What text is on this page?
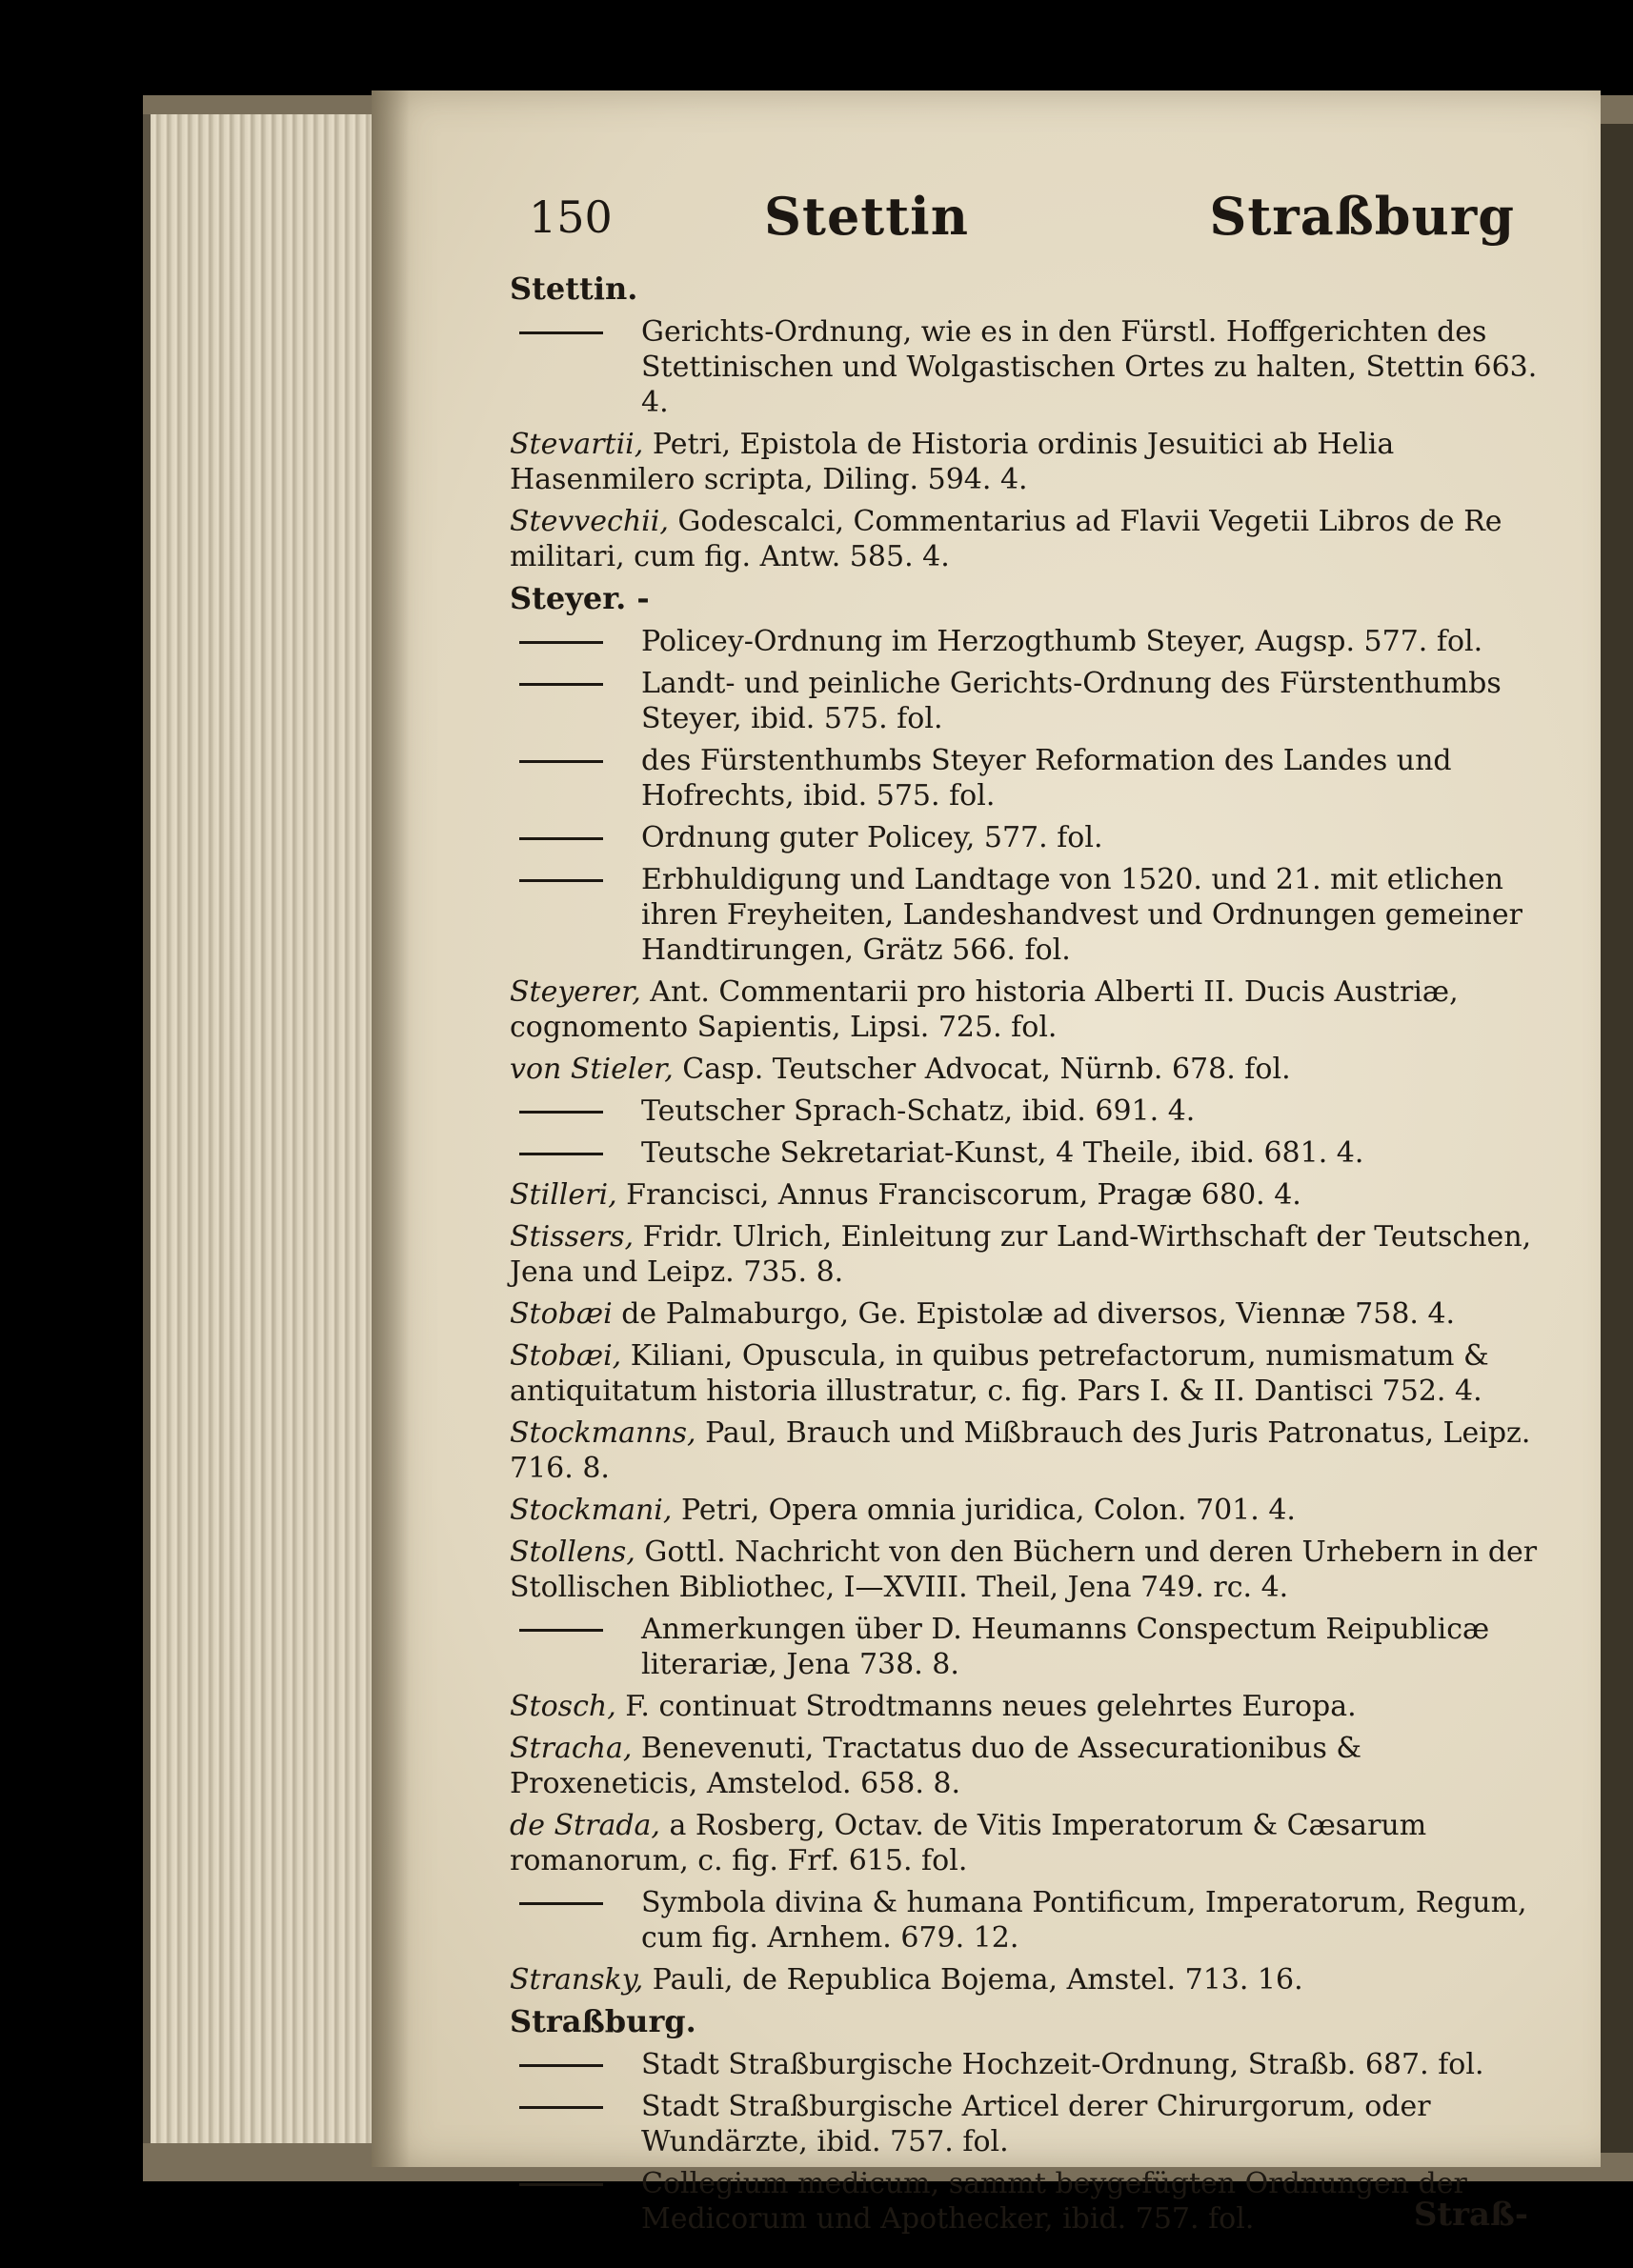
150	Stettin	Straßburg
Stettin.
Gerichts-Ordnung, wie es in den Fürstl. Hoffgerichten des Stettinischen und Wolgastischen Ortes zu halten, Stettin 663. 4.
Stevartii, Petri, Epistola de Historia ordinis Jesuitici ab Helia Hasenmilero scripta, Diling. 594. 4.
Stevvechii, Godescalci, Commentarius ad Flavii Vegetii Libros de Re militari, cum fig. Antw. 585. 4.
Steyer. -
Policey-Ordnung im Herzogthumb Steyer, Augsp. 577. fol.
Landt- und peinliche Gerichts-Ordnung des Fürstenthumbs Steyer, ibid. 575. fol.
des Fürstenthumbs Steyer Reformation des Landes und Hofrechts, ibid. 575. fol.
Ordnung guter Policey, 577. fol.
Erbhuldigung und Landtage von 1520. und 21. mit etlichen ihren Freyheiten, Landeshandvest und Ordnungen gemeiner Handtirungen, Grätz 566. fol.
Steyerer, Ant. Commentarii pro historia Alberti II. Ducis Austriæ, cognomento Sapientis, Lipsi. 725. fol.
von Stieler, Casp. Teutscher Advocat, Nürnb. 678. fol.
Teutscher Sprach-Schatz, ibid. 691. 4.
Teutsche Sekretariat-Kunst, 4 Theile, ibid. 681. 4.
Stilleri, Francisci, Annus Franciscorum, Pragæ 680. 4.
Stissers, Fridr. Ulrich, Einleitung zur Land-Wirthschaft der Teutschen, Jena und Leipz. 735. 8.
Stobæi de Palmaburgo, Ge. Epistolæ ad diversos, Viennæ 758. 4.
Stobæi, Kiliani, Opuscula, in quibus petrefactorum, numismatum & antiquitatum historia illustratur, c. fig. Pars I. & II. Dantisci 752. 4.
Stockmanns, Paul, Brauch und Mißbrauch des Juris Patronatus, Leipz. 716. 8.
Stockmani, Petri, Opera omnia juridica, Colon. 701. 4.
Stollens, Gottl. Nachricht von den Büchern und deren Urhebern in der Stollischen Bibliothec, I—XVIII. Theil, Jena 749. rc. 4.
Anmerkungen über D. Heumanns Conspectum Reipublicæ literariæ, Jena 738. 8.
Stosch, F. continuat Strodtmanns neues gelehrtes Europa.
Stracha, Benevenuti, Tractatus duo de Assecurationibus & Proxeneticis, Amstelod. 658. 8.
de Strada, a Rosberg, Octav. de Vitis Imperatorum & Cæsarum romanorum, c. fig. Frf. 615. fol.
Symbola divina & humana Pontificum, Imperatorum, Regum, cum fig. Arnhem. 679. 12.
Stransky, Pauli, de Republica Bojema, Amstel. 713. 16.
Straßburg.
Stadt Straßburgische Hochzeit-Ordnung, Straßb. 687. fol.
Stadt Straßburgische Articel derer Chirurgorum, oder Wundärzte, ibid. 757. fol.
Collegium medicum, sammt beygefügten Ordnungen der Medicorum und Apothecker, ibid. 757. fol.	Straß-
